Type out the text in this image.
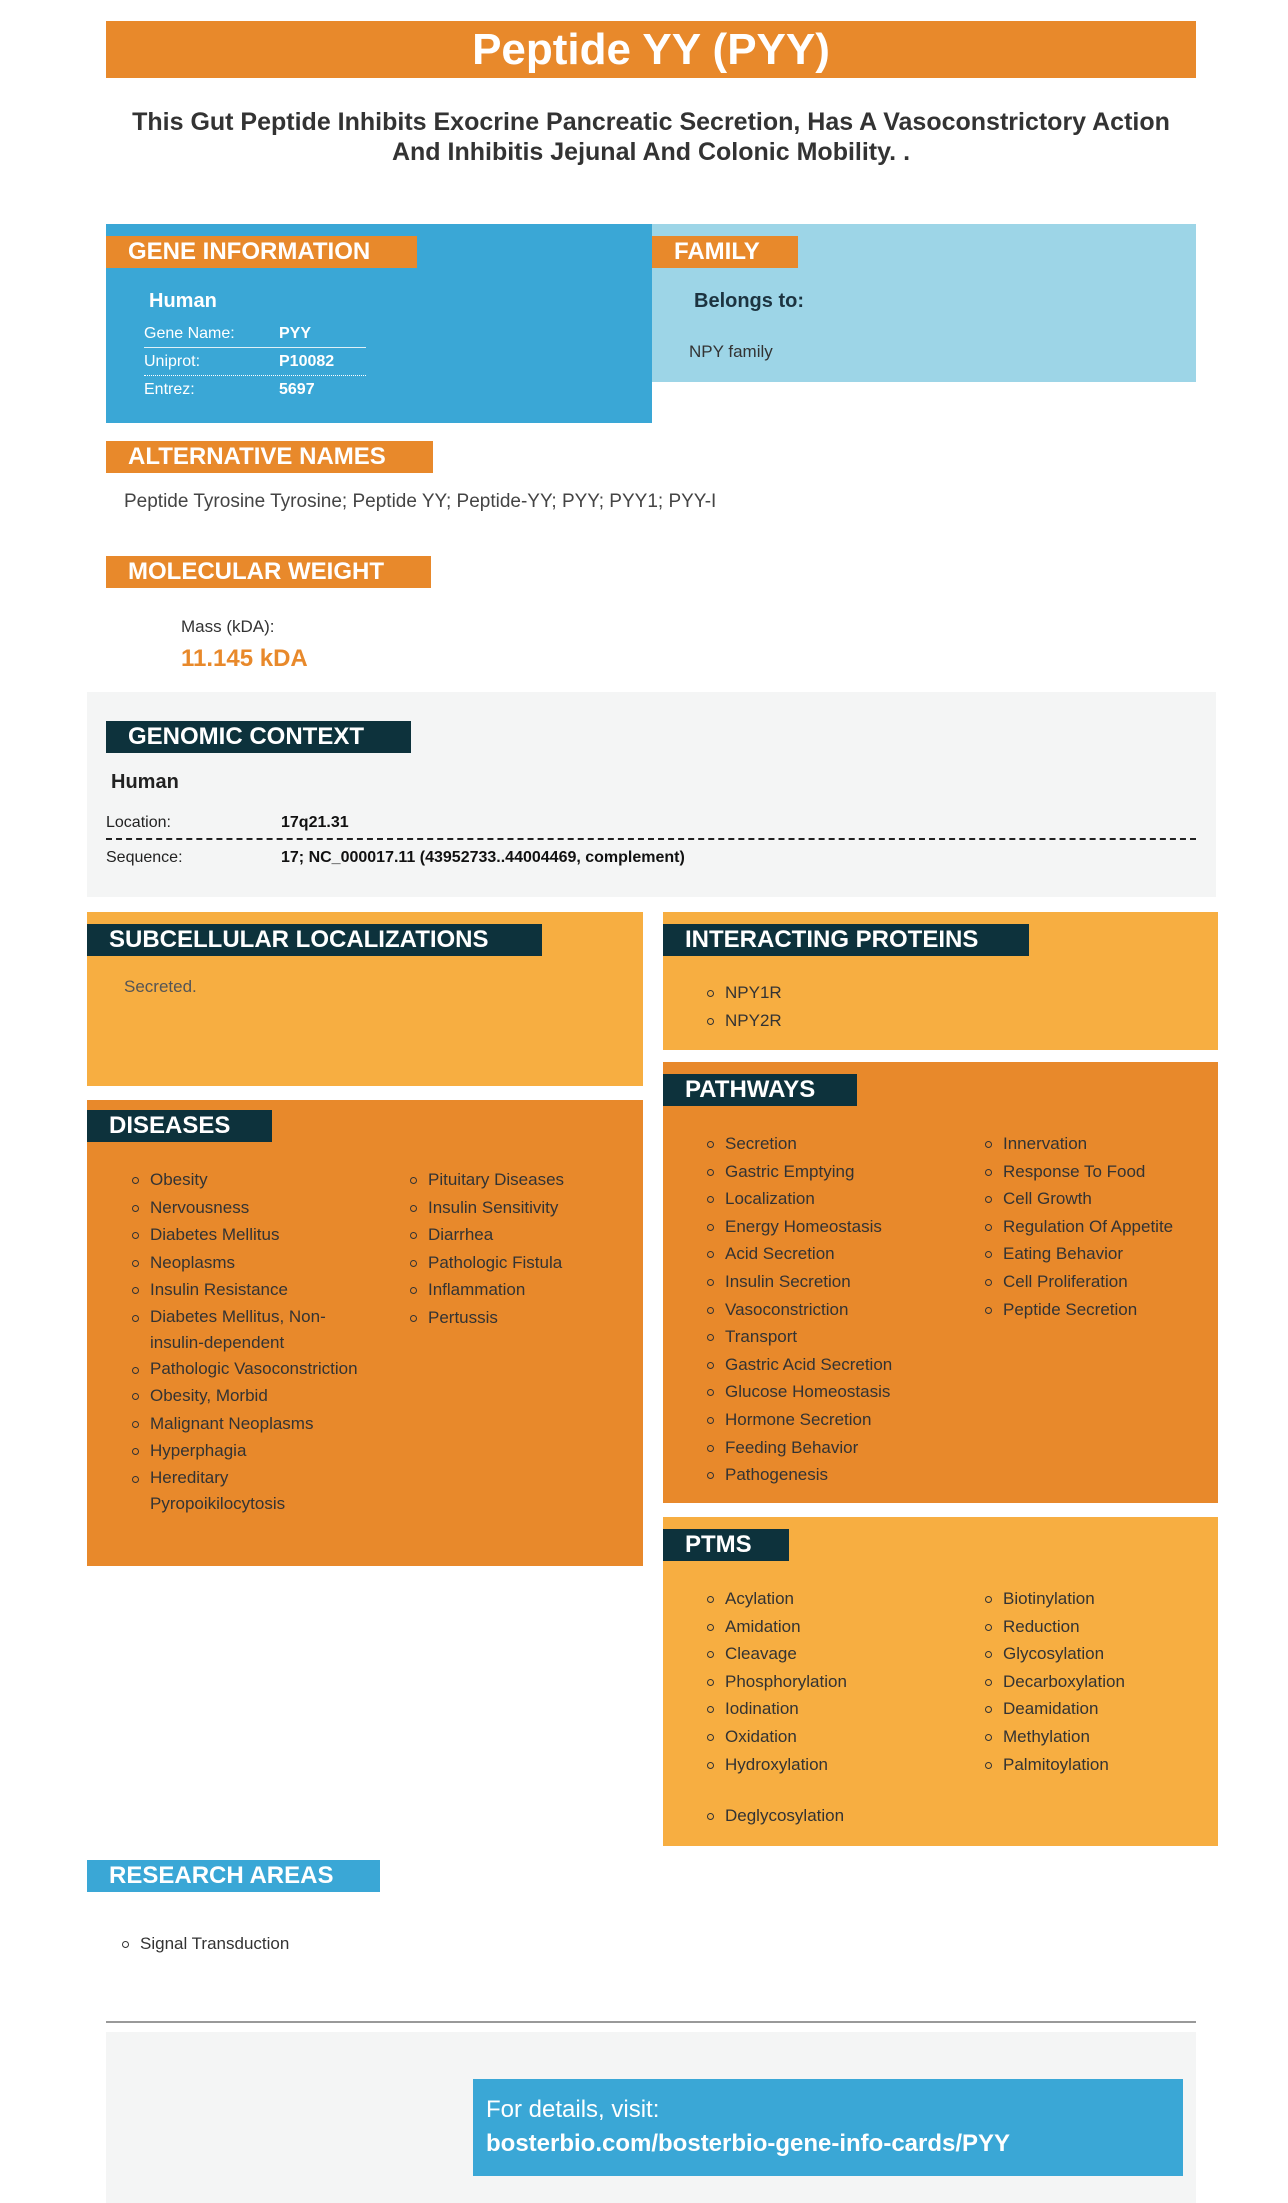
Peptide YY (PYY)
This Gut Peptide Inhibits Exocrine Pancreatic Secretion, Has A Vasoconstrictory Action And Inhibitis Jejunal And Colonic Mobility. .
GENE INFORMATION
Human
Gene Name:	PYY
Uniprot:	P10082
Entrez:	5697
FAMILY
Belongs to:
NPY family
ALTERNATIVE NAMES
Peptide Tyrosine Tyrosine; Peptide YY; Peptide-YY; PYY; PYY1; PYY-I
MOLECULAR WEIGHT
Mass (kDA):
11.145 kDA
GENOMIC CONTEXT
Human
Location:	17q21.31
Sequence:	17; NC_000017.11 (43952733..44004469, complement)
SUBCELLULAR LOCALIZATIONS
Secreted.
INTERACTING PROTEINS
NPY1R
NPY2R
DISEASES
Obesity
Nervousness
Diabetes Mellitus
Neoplasms
Insulin Resistance
Diabetes Mellitus, Non-insulin-dependent
Pathologic Vasoconstriction
Obesity, Morbid
Malignant Neoplasms
Hyperphagia
Hereditary Pyropoikilocytosis
Pituitary Diseases
Insulin Sensitivity
Diarrhea
Pathologic Fistula
Inflammation
Pertussis
PATHWAYS
Secretion
Gastric Emptying
Localization
Energy Homeostasis
Acid Secretion
Insulin Secretion
Vasoconstriction
Transport
Gastric Acid Secretion
Glucose Homeostasis
Hormone Secretion
Feeding Behavior
Pathogenesis
Innervation
Response To Food
Cell Growth
Regulation Of Appetite
Eating Behavior
Cell Proliferation
Peptide Secretion
PTMS
Acylation
Amidation
Cleavage
Phosphorylation
Iodination
Oxidation
Hydroxylation
Biotinylation
Reduction
Glycosylation
Decarboxylation
Deamidation
Methylation
Palmitoylation
Deglycosylation
RESEARCH AREAS
Signal Transduction
For details, visit:
bosterbio.com/bosterbio-gene-info-cards/PYY
